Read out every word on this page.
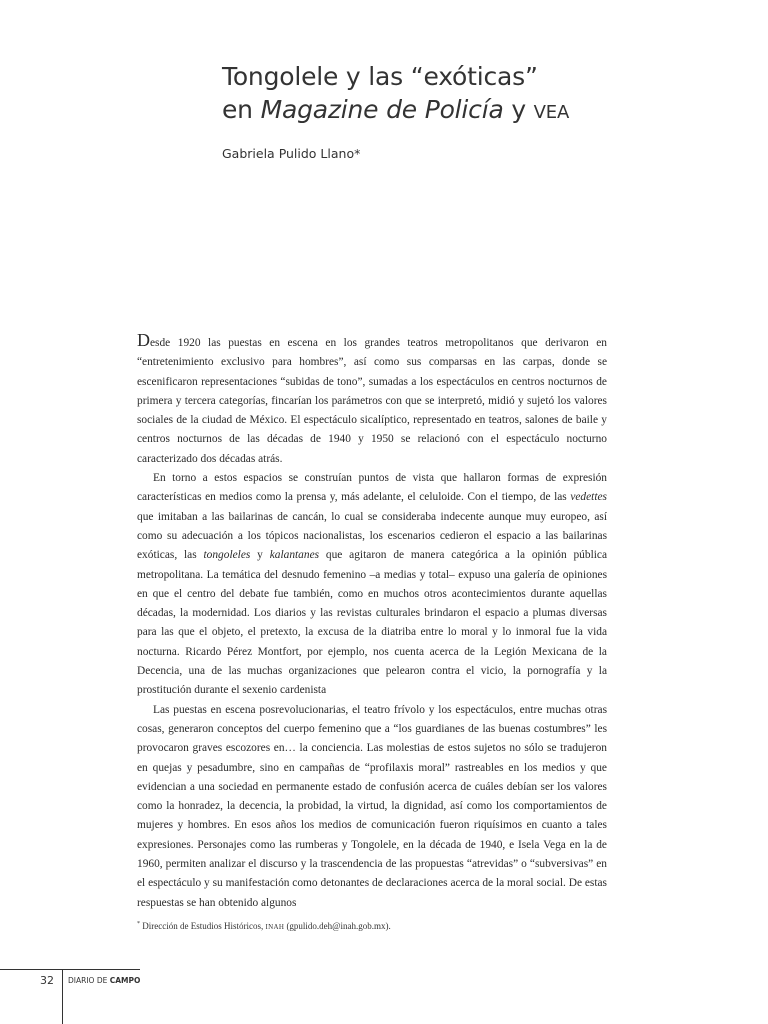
Tongolele y las “exóticas”
en Magazine de Policía y VEA
Gabriela Pulido Llano*

Desde 1920 las puestas en escena en los grandes teatros metropolitanos que derivaron en “entretenimiento exclusivo para hombres”, así como sus comparsas en las carpas, donde se escenificaron representaciones “subidas de tono”, sumadas a los espectáculos en centros nocturnos de primera y tercera categorías, fincarían los parámetros con que se interpretó, midió y sujetó los valores sociales de la ciudad de México. El espectáculo sicalíptico, representado en teatros, salones de baile y centros nocturnos de las décadas de 1940 y 1950 se relacionó con el espectáculo nocturno caracterizado dos décadas atrás.

En torno a estos espacios se construían puntos de vista que hallaron formas de expresión características en medios como la prensa y, más adelante, el celuloide. Con el tiempo, de las vedettes que imitaban a las bailarinas de cancán, lo cual se consideraba indecente aunque muy europeo, así como su adecuación a los tópicos nacionalistas, los escenarios cedieron el espacio a las bailarinas exóticas, las tongoleles y kalantanes que agitaron de manera categórica a la opinión pública metropolitana. La temática del desnudo femenino –a medias y total– expuso una galería de opiniones en que el centro del debate fue también, como en muchos otros acontecimientos durante aquellas décadas, la modernidad. Los diarios y las revistas culturales brindaron el espacio a plumas diversas para las que el objeto, el pretexto, la excusa de la diatriba entre lo moral y lo inmoral fue la vida nocturna. Ricardo Pérez Montfort, por ejemplo, nos cuenta acerca de la Legión Mexicana de la Decencia, una de las muchas organizaciones que pelearon contra el vicio, la pornografía y la prostitución durante el sexenio cardenista

Las puestas en escena posrevolucionarias, el teatro frívolo y los espectáculos, entre muchas otras cosas, generaron conceptos del cuerpo femenino que a “los guardianes de las buenas costumbres” les provocaron graves escozores en… la conciencia. Las molestias de estos sujetos no sólo se tradujeron en quejas y pesadumbre, sino en campañas de “profilaxis moral” rastreables en los medios y que evidencian a una sociedad en permanente estado de confusión acerca de cuáles debían ser los valores como la honradez, la decencia, la probidad, la virtud, la dignidad, así como los comportamientos de mujeres y hombres. En esos años los medios de comunicación fueron riquísimos en cuanto a tales expresiones. Personajes como las rumberas y Tongolele, en la década de 1940, e Isela Vega en la de 1960, permiten analizar el discurso y la trascendencia de las propuestas “atrevidas” o “subversivas” en el espectáculo y su manifestación como detonantes de declaraciones acerca de la moral social. De estas respuestas se han obtenido algunos

* Dirección de Estudios Históricos, INAH (gpulido.deh@inah.gob.mx).
32 DIARIO DE CAMPO
